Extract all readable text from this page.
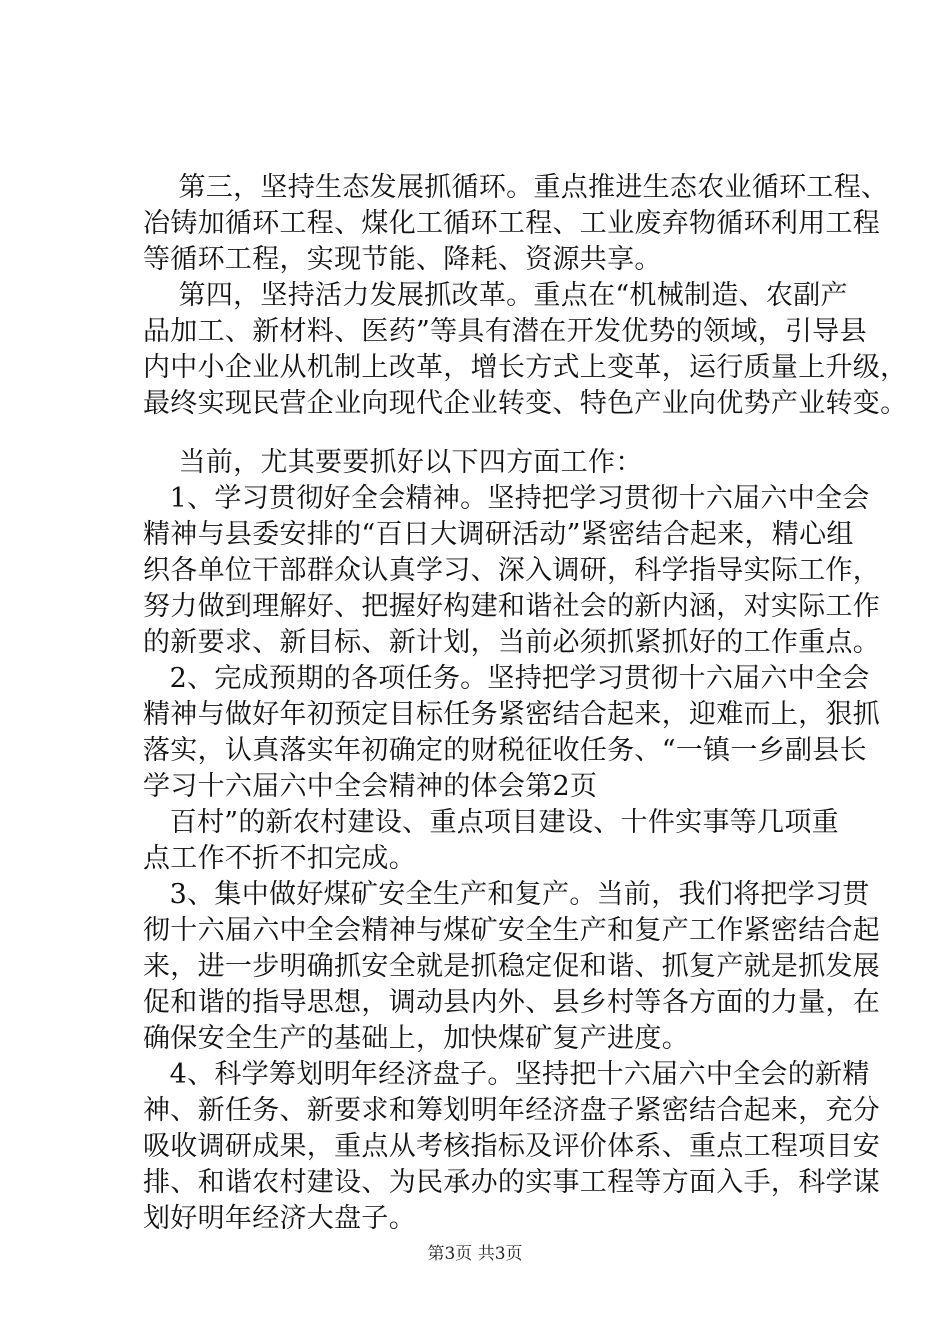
第三，坚持生态发展抓循环。重点推进生态农业循环工程、
冶铸加循环工程、煤化工循环工程、工业废弃物循环利用工程
等循环工程，实现节能、降耗、资源共享。
第四，坚持活力发展抓改革。重点在“机械制造、农副产
品加工、新材料、医药”等具有潜在开发优势的领域，引导县
内中小企业从机制上改革，增长方式上变革，运行质量上升级，
最终实现民营企业向现代企业转变、特色产业向优势产业转变。
当前，尤其要要抓好以下四方面工作：
1、学习贯彻好全会精神。坚持把学习贯彻十六届六中全会
精神与县委安排的“百日大调研活动”紧密结合起来，精心组
织各单位干部群众认真学习、深入调研，科学指导实际工作，
努力做到理解好、把握好构建和谐社会的新内涵，对实际工作
的新要求、新目标、新计划，当前必须抓紧抓好的工作重点。
2、完成预期的各项任务。坚持把学习贯彻十六届六中全会
精神与做好年初预定目标任务紧密结合起来，迎难而上，狠抓
落实，认真落实年初确定的财税征收任务、“一镇一乡副县长
学习十六届六中全会精神的体会第2页
百村”的新农村建设、重点项目建设、十件实事等几项重
点工作不折不扣完成。
3、集中做好煤矿安全生产和复产。当前，我们将把学习贯
彻十六届六中全会精神与煤矿安全生产和复产工作紧密结合起
来，进一步明确抓安全就是抓稳定促和谐、抓复产就是抓发展
促和谐的指导思想，调动县内外、县乡村等各方面的力量，在
确保安全生产的基础上，加快煤矿复产进度。
4、科学筹划明年经济盘子。坚持把十六届六中全会的新精
神、新任务、新要求和筹划明年经济盘子紧密结合起来，充分
吸收调研成果，重点从考核指标及评价体系、重点工程项目安
排、和谐农村建设、为民承办的实事工程等方面入手，科学谋
划好明年经济大盘子。
第3页 共3页
